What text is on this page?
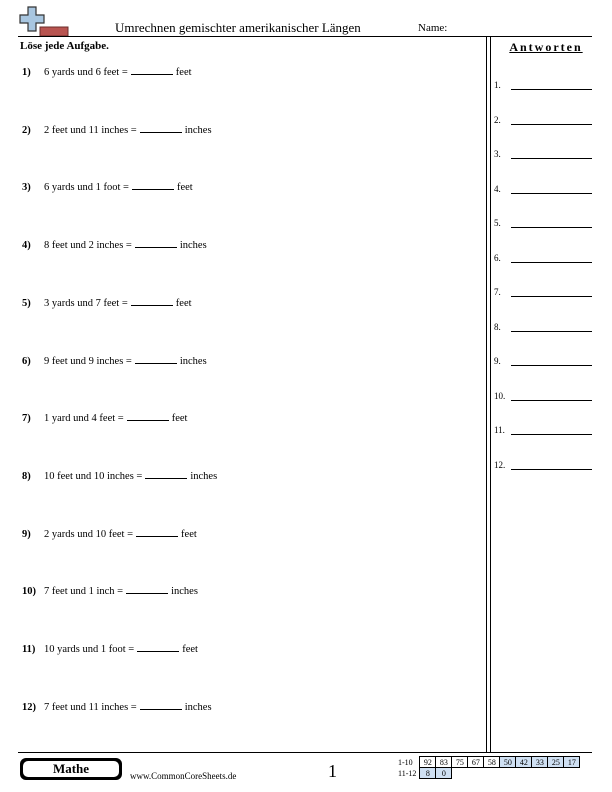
Umrechnen gemischter amerikanischer Längen	Name:
Löse jede Aufgabe.
1) 6 yards und 6 feet =	feet
2) 2 feet und 11 inches =	inches
3) 6 yards und 1 foot =	feet
4) 8 feet und 2 inches =	inches
5) 3 yards und 7 feet =	feet
6) 9 feet und 9 inches =	inches
7) 1 yard und 4 feet =	feet
8) 10 feet und 10 inches =	inches
9) 2 yards und 10 feet =	feet
10) 7 feet und 1 inch =	inches
11) 10 yards und 1 foot =	feet
12) 7 feet und 11 inches =	inches
Antworten
1.
2.
3.
4.
5.
6.
7.
8.
9.
10.
11.
12.
Mathe	www.CommonCoreSheets.de	1	1-10	92	83	75	67	58	50	42	33	25	17
11-12	8	0								
